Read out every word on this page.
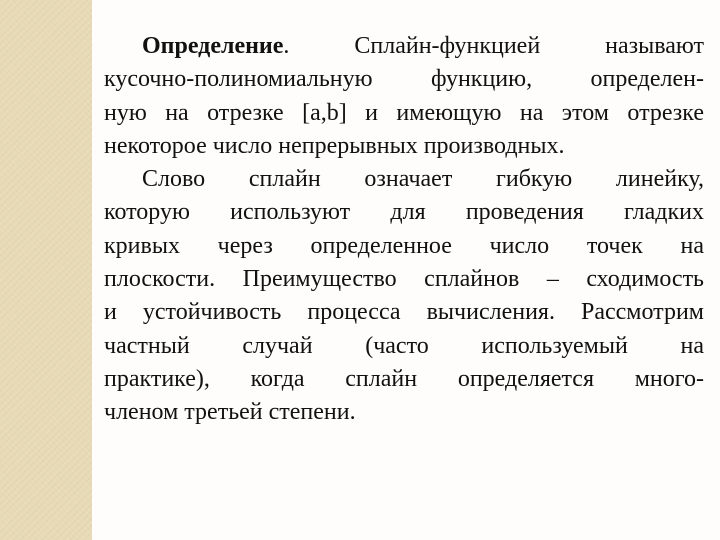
Определение. Сплайн-функцией называют
кусочно-полиномиальную функцию, определен-
ную на отрезке [a,b] и имеющую на этом отрезке
некоторое число непрерывных производных.
Слово сплайн означает гибкую линейку,
которую используют для проведения гладких
кривых через определенное число точек на
плоскости. Преимущество сплайнов – сходимость
и устойчивость процесса вычисления. Рассмотрим
частный случай (часто используемый на
практике), когда сплайн определяется много-
членом третьей степени.
